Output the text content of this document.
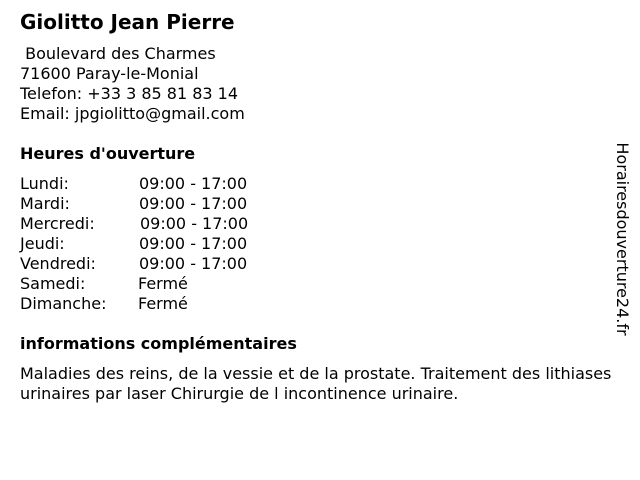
Giolitto Jean Pierre
Boulevard des Charmes
71600 Paray-le-Monial
Telefon: +33 3 85 81 83 14
Email: jpgiolitto@gmail.com
Heures d'ouverture
Lundi:	09:00 - 17:00
Mardi:	09:00 - 17:00
Mercredi:	09:00 - 17:00
Jeudi:	09:00 - 17:00
Vendredi:	09:00 - 17:00
Samedi:	Fermé
Dimanche: Fermé
informations complémentaires
Maladies des reins, de la vessie et de la prostate. Traitement des lithiases urinaires par laser Chirurgie de l incontinence urinaire.
Horairesdouverture24.fr
